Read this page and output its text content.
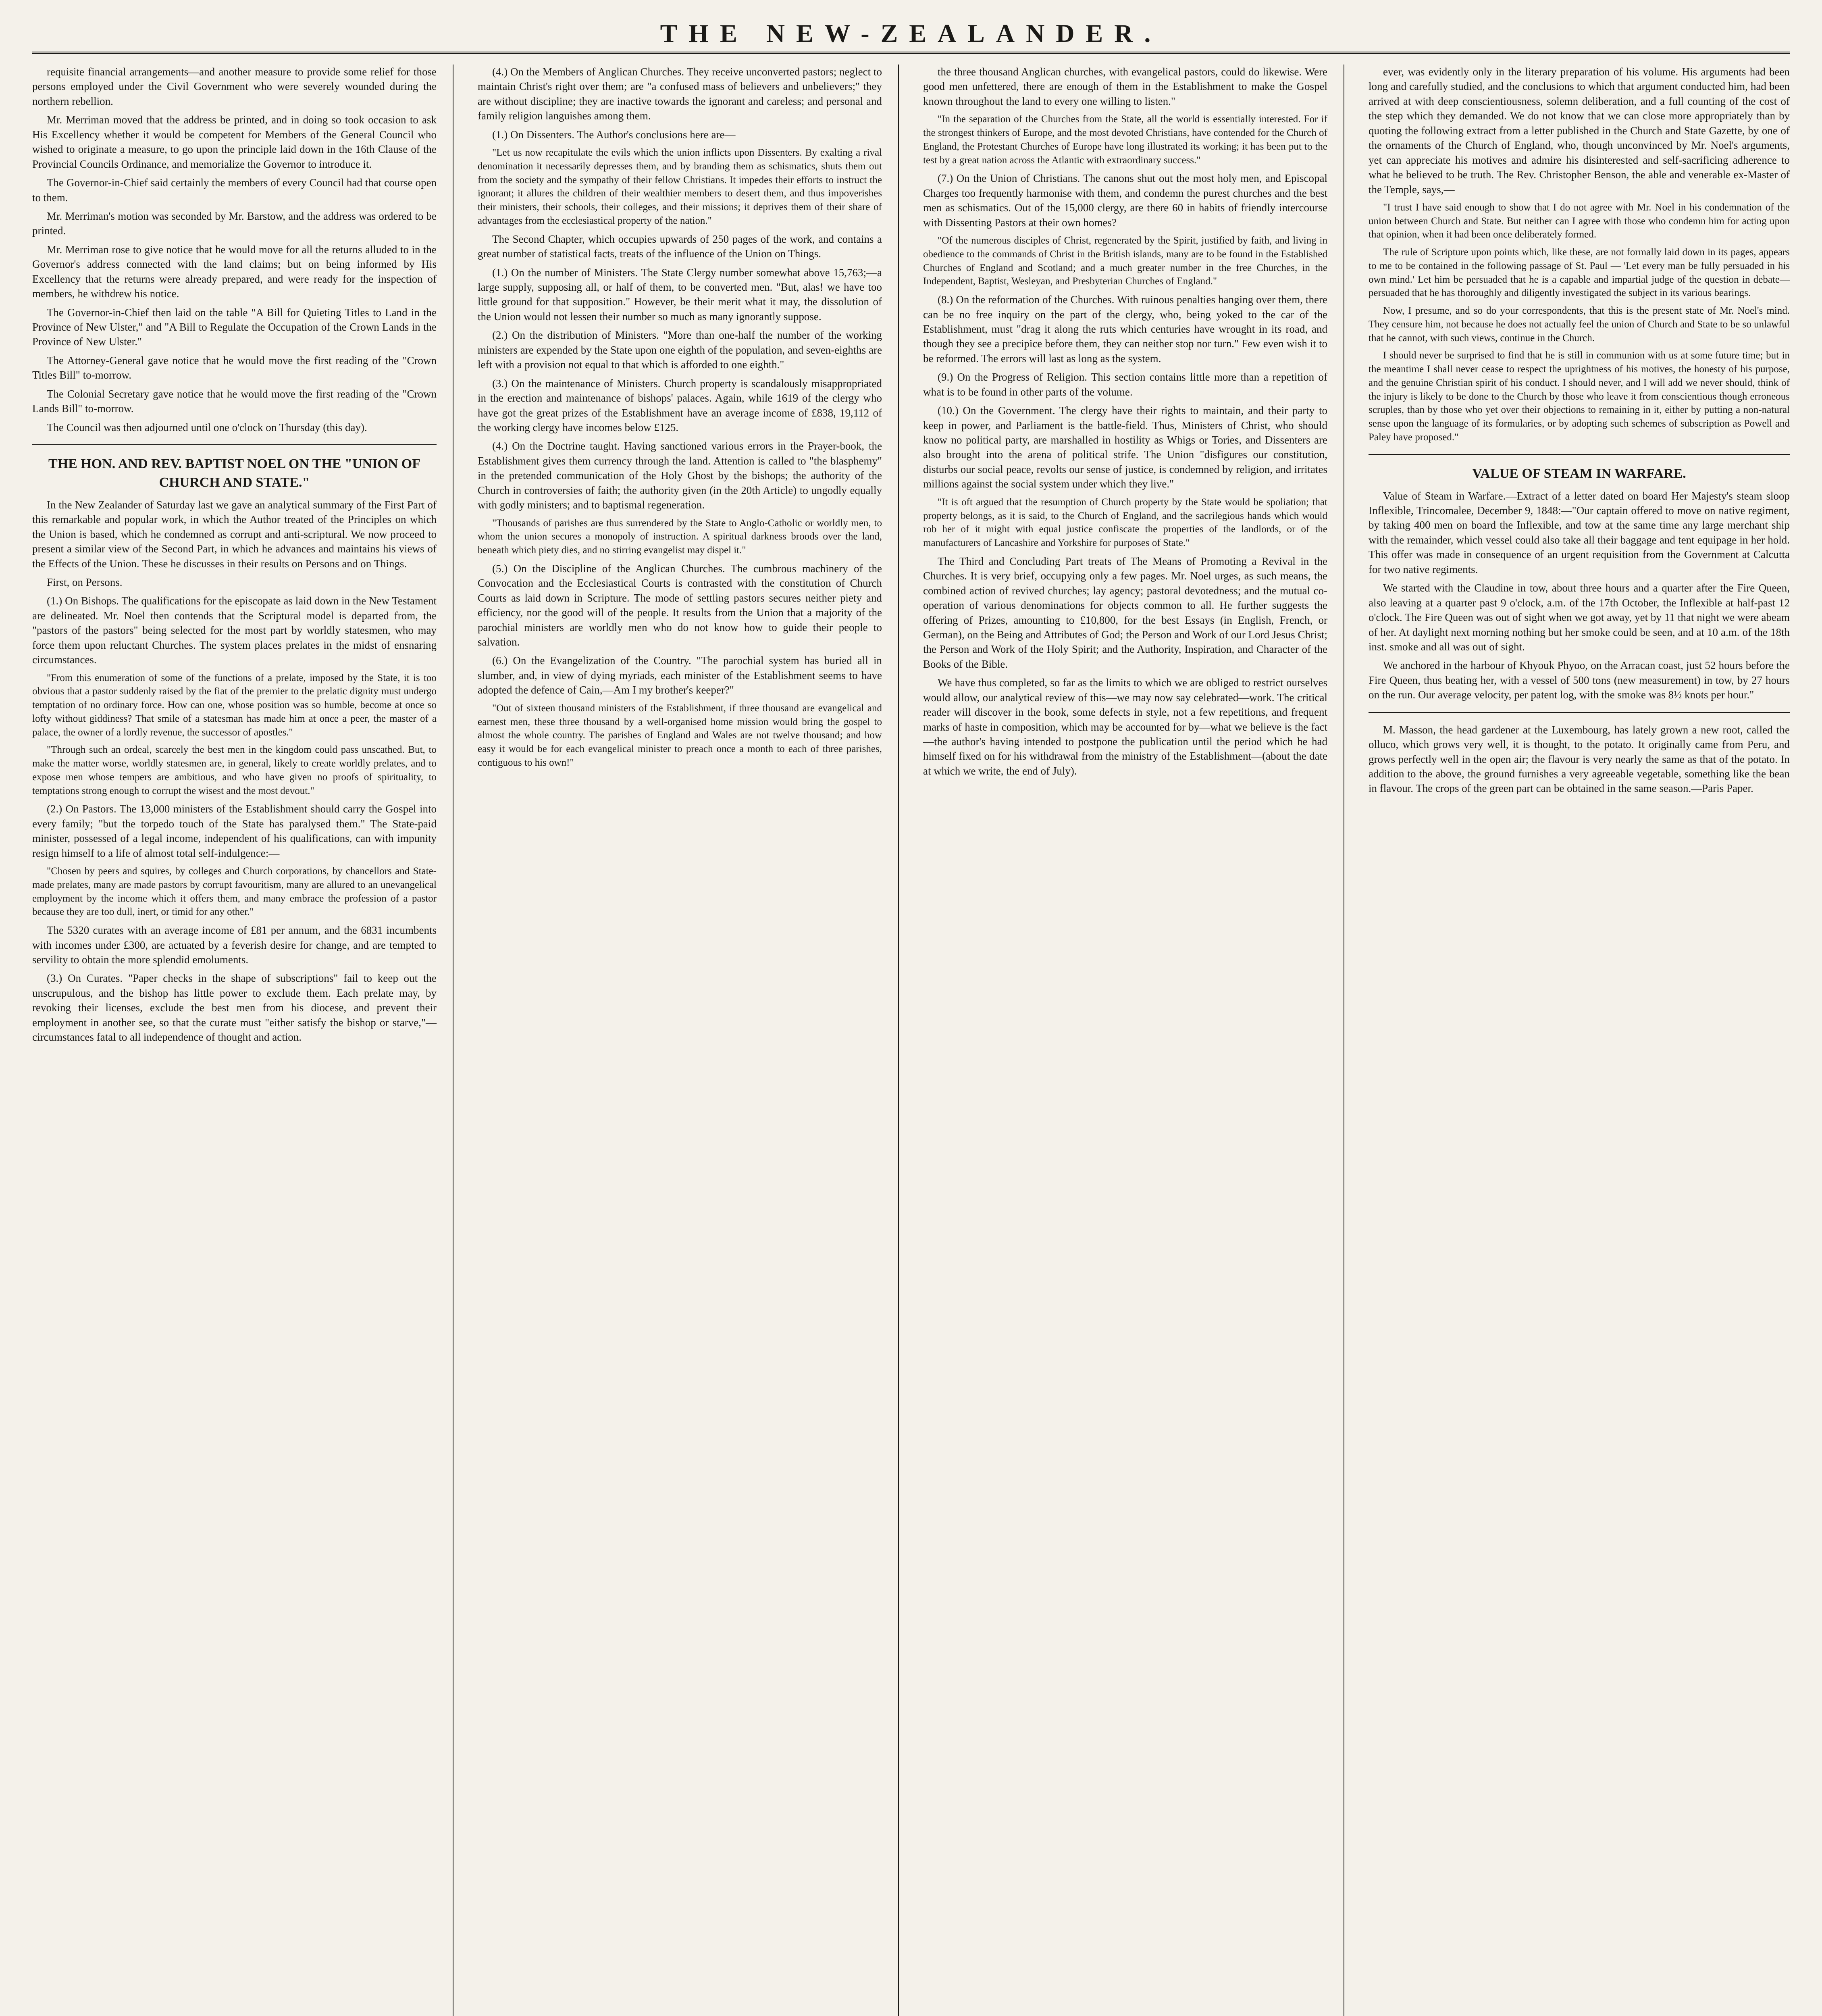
THE NEW-ZEALANDER.

requisite financial arrangements—and another measure to provide some relief for those persons employed under the Civil Government who were severely wounded during the northern rebellion.

Mr. Merriman moved that the address be printed, and in doing so took occasion to ask His Excellency whether it would be competent for Members of the General Council who wished to originate a measure, to go upon the principle laid down in the 16th Clause of the Provincial Councils Ordinance, and memorialize the Governor to introduce it.

The Governor-in-Chief said certainly the members of every Council had that course open to them.

Mr. Merriman's motion was seconded by Mr. Barstow, and the address was ordered to be printed.

Mr. Merriman rose to give notice that he would move for all the returns alluded to in the Governor's address connected with the land claims; but on being informed by His Excellency that the returns were already prepared, and were ready for the inspection of members, he withdrew his notice.

The Governor-in-Chief then laid on the table "A Bill for Quieting Titles to Land in the Province of New Ulster," and "A Bill to Regulate the Occupation of the Crown Lands in the Province of New Ulster."

The Attorney-General gave notice that he would move the first reading of the "Crown Titles Bill" to-morrow.

The Colonial Secretary gave notice that he would move the first reading of the "Crown Lands Bill" to-morrow.

The Council was then adjourned until one o'clock on Thursday (this day).

THE HON. AND REV. BAPTIST NOEL ON THE "UNION OF CHURCH AND STATE."

In the New Zealander of Saturday last we gave an analytical summary of the First Part of this remarkable and popular work, in which the Author treated of the Principles on which the Union is based, which he condemned as corrupt and anti-scriptural. We now proceed to present a similar view of the Second Part, in which he advances and maintains his views of the Effects of the Union. These he discusses in their results on Persons and on Things.

First, on Persons.

(1.) On Bishops. The qualifications for the episcopate as laid down in the New Testament are delineated. Mr. Noel then contends that the Scriptural model is departed from, the "pastors of the pastors" being selected for the most part by worldly statesmen, who may force them upon reluctant Churches. The system places prelates in the midst of ensnaring circumstances.

"From this enumeration of some of the functions of a prelate, imposed by the State, it is too obvious that a pastor suddenly raised by the fiat of the premier to the prelatic dignity must undergo temptation of no ordinary force. How can one, whose position was so humble, become at once so lofty without giddiness? That smile of a statesman has made him at once a peer, the master of a palace, the owner of a lordly revenue, the successor of apostles."

"Through such an ordeal, scarcely the best men in the kingdom could pass unscathed. But, to make the matter worse, worldly statesmen are, in general, likely to create worldly prelates, and to expose men whose tempers are ambitious, and who have given no proofs of spirituality, to temptations strong enough to corrupt the wisest and the most devout."

(2.) On Pastors. The 13,000 ministers of the Establishment should carry the Gospel into every family; "but the torpedo touch of the State has paralysed them." The State-paid minister, possessed of a legal income, independent of his qualifications, can with impunity resign himself to a life of almost total self-indulgence:—

"Chosen by peers and squires, by colleges and Church corporations, by chancellors and State-made prelates, many are made pastors by corrupt favouritism, many are allured to an unevangelical employment by the income which it offers them, and many embrace the profession of a pastor because they are too dull, inert, or timid for any other."

The 5320 curates with an average income of £81 per annum, and the 6831 incumbents with incomes under £300, are actuated by a feverish desire for change, and are tempted to servility to obtain the more splendid emoluments.

(3.) On Curates. "Paper checks in the shape of subscriptions" fail to keep out the unscrupulous, and the bishop has little power to exclude them. Each prelate may, by revoking their licenses, exclude the best men from his diocese, and prevent their employment in another see, so that the curate must "either satisfy the bishop or starve,"—circumstances fatal to all independence of thought and action.

(4.) On the Members of Anglican Churches. They receive unconverted pastors; neglect to maintain Christ's right over them; are "a confused mass of believers and unbelievers;" they are without discipline; they are inactive towards the ignorant and careless; and personal and family religion languishes among them.

(1.) On Dissenters. The Author's conclusions here are—

"Let us now recapitulate the evils which the union inflicts upon Dissenters. By exalting a rival denomination it necessarily depresses them, and by branding them as schismatics, shuts them out from the society and the sympathy of their fellow Christians. It impedes their efforts to instruct the ignorant; it allures the children of their wealthier members to desert them, and thus impoverishes their ministers, their schools, their colleges, and their missions; it deprives them of their share of advantages from the ecclesiastical property of the nation."

The Second Chapter, which occupies upwards of 250 pages of the work, and contains a great number of statistical facts, treats of the influence of the Union on Things.

(1.) On the number of Ministers. The State Clergy number somewhat above 15,763;—a large supply, supposing all, or half of them, to be converted men. "But, alas! we have too little ground for that supposition." However, be their merit what it may, the dissolution of the Union would not lessen their number so much as many ignorantly suppose.

(2.) On the distribution of Ministers. "More than one-half the number of the working ministers are expended by the State upon one eighth of the population, and seven-eighths are left with a provision not equal to that which is afforded to one eighth."

(3.) On the maintenance of Ministers. Church property is scandalously misappropriated in the erection and maintenance of bishops' palaces. Again, while 1619 of the clergy who have got the great prizes of the Establishment have an average income of £838, 19,112 of the working clergy have incomes below £125.

(4.) On the Doctrine taught. Having sanctioned various errors in the Prayer-book, the Establishment gives them currency through the land. Attention is called to "the blasphemy" in the pretended communication of the Holy Ghost by the bishops; the authority of the Church in controversies of faith; the authority given (in the 20th Article) to ungodly equally with godly ministers; and to baptismal regeneration.

"Thousands of parishes are thus surrendered by the State to Anglo-Catholic or worldly men, to whom the union secures a monopoly of instruction. A spiritual darkness broods over the land, beneath which piety dies, and no stirring evangelist may dispel it."

(5.) On the Discipline of the Anglican Churches. The cumbrous machinery of the Convocation and the Ecclesiastical Courts is contrasted with the constitution of Church Courts as laid down in Scripture. The mode of settling pastors secures neither piety and efficiency, nor the good will of the people. It results from the Union that a majority of the parochial ministers are worldly men who do not know how to guide their people to salvation.

(6.) On the Evangelization of the Country. "The parochial system has buried all in slumber, and, in view of dying myriads, each minister of the Establishment seems to have adopted the defence of Cain,—Am I my brother's keeper?"

"Out of sixteen thousand ministers of the Establishment, if three thousand are evangelical and earnest men, these three thousand by a well-organised home mission would bring the gospel to almost the whole country. The parishes of England and Wales are not twelve thousand; and how easy it would be for each evangelical minister to preach once a month to each of three parishes, contiguous to his own!"

the three thousand Anglican churches, with evangelical pastors, could do likewise. Were good men unfettered, there are enough of them in the Establishment to make the Gospel known throughout the land to every one willing to listen."

"In the separation of the Churches from the State, all the world is essentially interested. For if the strongest thinkers of Europe, and the most devoted Christians, have contended for the Church of England, the Protestant Churches of Europe have long illustrated its working; it has been put to the test by a great nation across the Atlantic with extraordinary success."

(7.) On the Union of Christians. The canons shut out the most holy men, and Episcopal Charges too frequently harmonise with them, and condemn the purest churches and the best men as schismatics. Out of the 15,000 clergy, are there 60 in habits of friendly intercourse with Dissenting Pastors at their own homes?

"Of the numerous disciples of Christ, regenerated by the Spirit, justified by faith, and living in obedience to the commands of Christ in the British islands, many are to be found in the Established Churches of England and Scotland; and a much greater number in the free Churches, in the Independent, Baptist, Wesleyan, and Presbyterian Churches of England."

(8.) On the reformation of the Churches. With ruinous penalties hanging over them, there can be no free inquiry on the part of the clergy, who, being yoked to the car of the Establishment, must "drag it along the ruts which centuries have wrought in its road, and though they see a precipice before them, they can neither stop nor turn." Few even wish it to be reformed. The errors will last as long as the system.

(9.) On the Progress of Religion. This section contains little more than a repetition of what is to be found in other parts of the volume.

(10.) On the Government. The clergy have their rights to maintain, and their party to keep in power, and Parliament is the battle-field. Thus, Ministers of Christ, who should know no political party, are marshalled in hostility as Whigs or Tories, and Dissenters are also brought into the arena of political strife. The Union "disfigures our constitution, disturbs our social peace, revolts our sense of justice, is condemned by religion, and irritates millions against the social system under which they live."

"It is oft argued that the resumption of Church property by the State would be spoliation; that property belongs, as it is said, to the Church of England, and the sacrilegious hands which would rob her of it might with equal justice confiscate the properties of the landlords, or of the manufacturers of Lancashire and Yorkshire for purposes of State."

The Third and Concluding Part treats of The Means of Promoting a Revival in the Churches. It is very brief, occupying only a few pages. Mr. Noel urges, as such means, the combined action of revived churches; lay agency; pastoral devotedness; and the mutual co-operation of various denominations for objects common to all. He further suggests the offering of Prizes, amounting to £10,800, for the best Essays (in English, French, or German), on the Being and Attributes of God; the Person and Work of our Lord Jesus Christ; the Person and Work of the Holy Spirit; and the Authority, Inspiration, and Character of the Books of the Bible.

We have thus completed, so far as the limits to which we are obliged to restrict ourselves would allow, our analytical review of this—we may now say celebrated—work. The critical reader will discover in the book, some defects in style, not a few repetitions, and frequent marks of haste in composition, which may be accounted for by—what we believe is the fact—the author's having intended to postpone the publication until the period which he had himself fixed on for his withdrawal from the ministry of the Establishment—(about the date at which we write, the end of July).

ever, was evidently only in the literary preparation of his volume. His arguments had been long and carefully studied, and the conclusions to which that argument conducted him, had been arrived at with deep conscientiousness, solemn deliberation, and a full counting of the cost of the step which they demanded. We do not know that we can close more appropriately than by quoting the following extract from a letter published in the Church and State Gazette, by one of the ornaments of the Church of England, who, though unconvinced by Mr. Noel's arguments, yet can appreciate his motives and admire his disinterested and self-sacrificing adherence to what he believed to be truth. The Rev. Christopher Benson, the able and venerable ex-Master of the Temple, says,—

"I trust I have said enough to show that I do not agree with Mr. Noel in his condemnation of the union between Church and State. But neither can I agree with those who condemn him for acting upon that opinion, when it had been once deliberately formed.

The rule of Scripture upon points which, like these, are not formally laid down in its pages, appears to me to be contained in the following passage of St. Paul — 'Let every man be fully persuaded in his own mind.' Let him be persuaded that he is a capable and impartial judge of the question in debate—persuaded that he has thoroughly and diligently investigated the subject in its various bearings.

Now, I presume, and so do your correspondents, that this is the present state of Mr. Noel's mind. They censure him, not because he does not actually feel the union of Church and State to be so unlawful that he cannot, with such views, continue in the Church.

I should never be surprised to find that he is still in communion with us at some future time; but in the meantime I shall never cease to respect the uprightness of his motives, the honesty of his purpose, and the genuine Christian spirit of his conduct. I should never, and I will add we never should, think of the injury is likely to be done to the Church by those who leave it from conscientious though erroneous scruples, than by those who yet over their objections to remaining in it, either by putting a non-natural sense upon the language of its formularies, or by adopting such schemes of subscription as Powell and Paley have proposed."

VALUE OF STEAM IN WARFARE.

Value of Steam in Warfare.—Extract of a letter dated on board Her Majesty's steam sloop Inflexible, Trincomalee, December 9, 1848:—"Our captain offered to move on native regiment, by taking 400 men on board the Inflexible, and tow at the same time any large merchant ship with the remainder, which vessel could also take all their baggage and tent equipage in her hold. This offer was made in consequence of an urgent requisition from the Government at Calcutta for two native regiments.

We started with the Claudine in tow, about three hours and a quarter after the Fire Queen, also leaving at a quarter past 9 o'clock, a.m. of the 17th October, the Inflexible at half-past 12 o'clock. The Fire Queen was out of sight when we got away, yet by 11 that night we were abeam of her. At daylight next morning nothing but her smoke could be seen, and at 10 a.m. of the 18th inst. smoke and all was out of sight.

We anchored in the harbour of Khyouk Phyoo, on the Arracan coast, just 52 hours before the Fire Queen, thus beating her, with a vessel of 500 tons (new measurement) in tow, by 27 hours on the run. Our average velocity, per patent log, with the smoke was 8½ knots per hour."

M. Masson, the head gardener at the Luxembourg, has lately grown a new root, called the olluco, which grows very well, it is thought, to the potato. It originally came from Peru, and grows perfectly well in the open air; the flavour is very nearly the same as that of the potato. In addition to the above, the ground furnishes a very agreeable vegetable, something like the bean in flavour. The crops of the green part can be obtained in the same season.—Paris Paper.
